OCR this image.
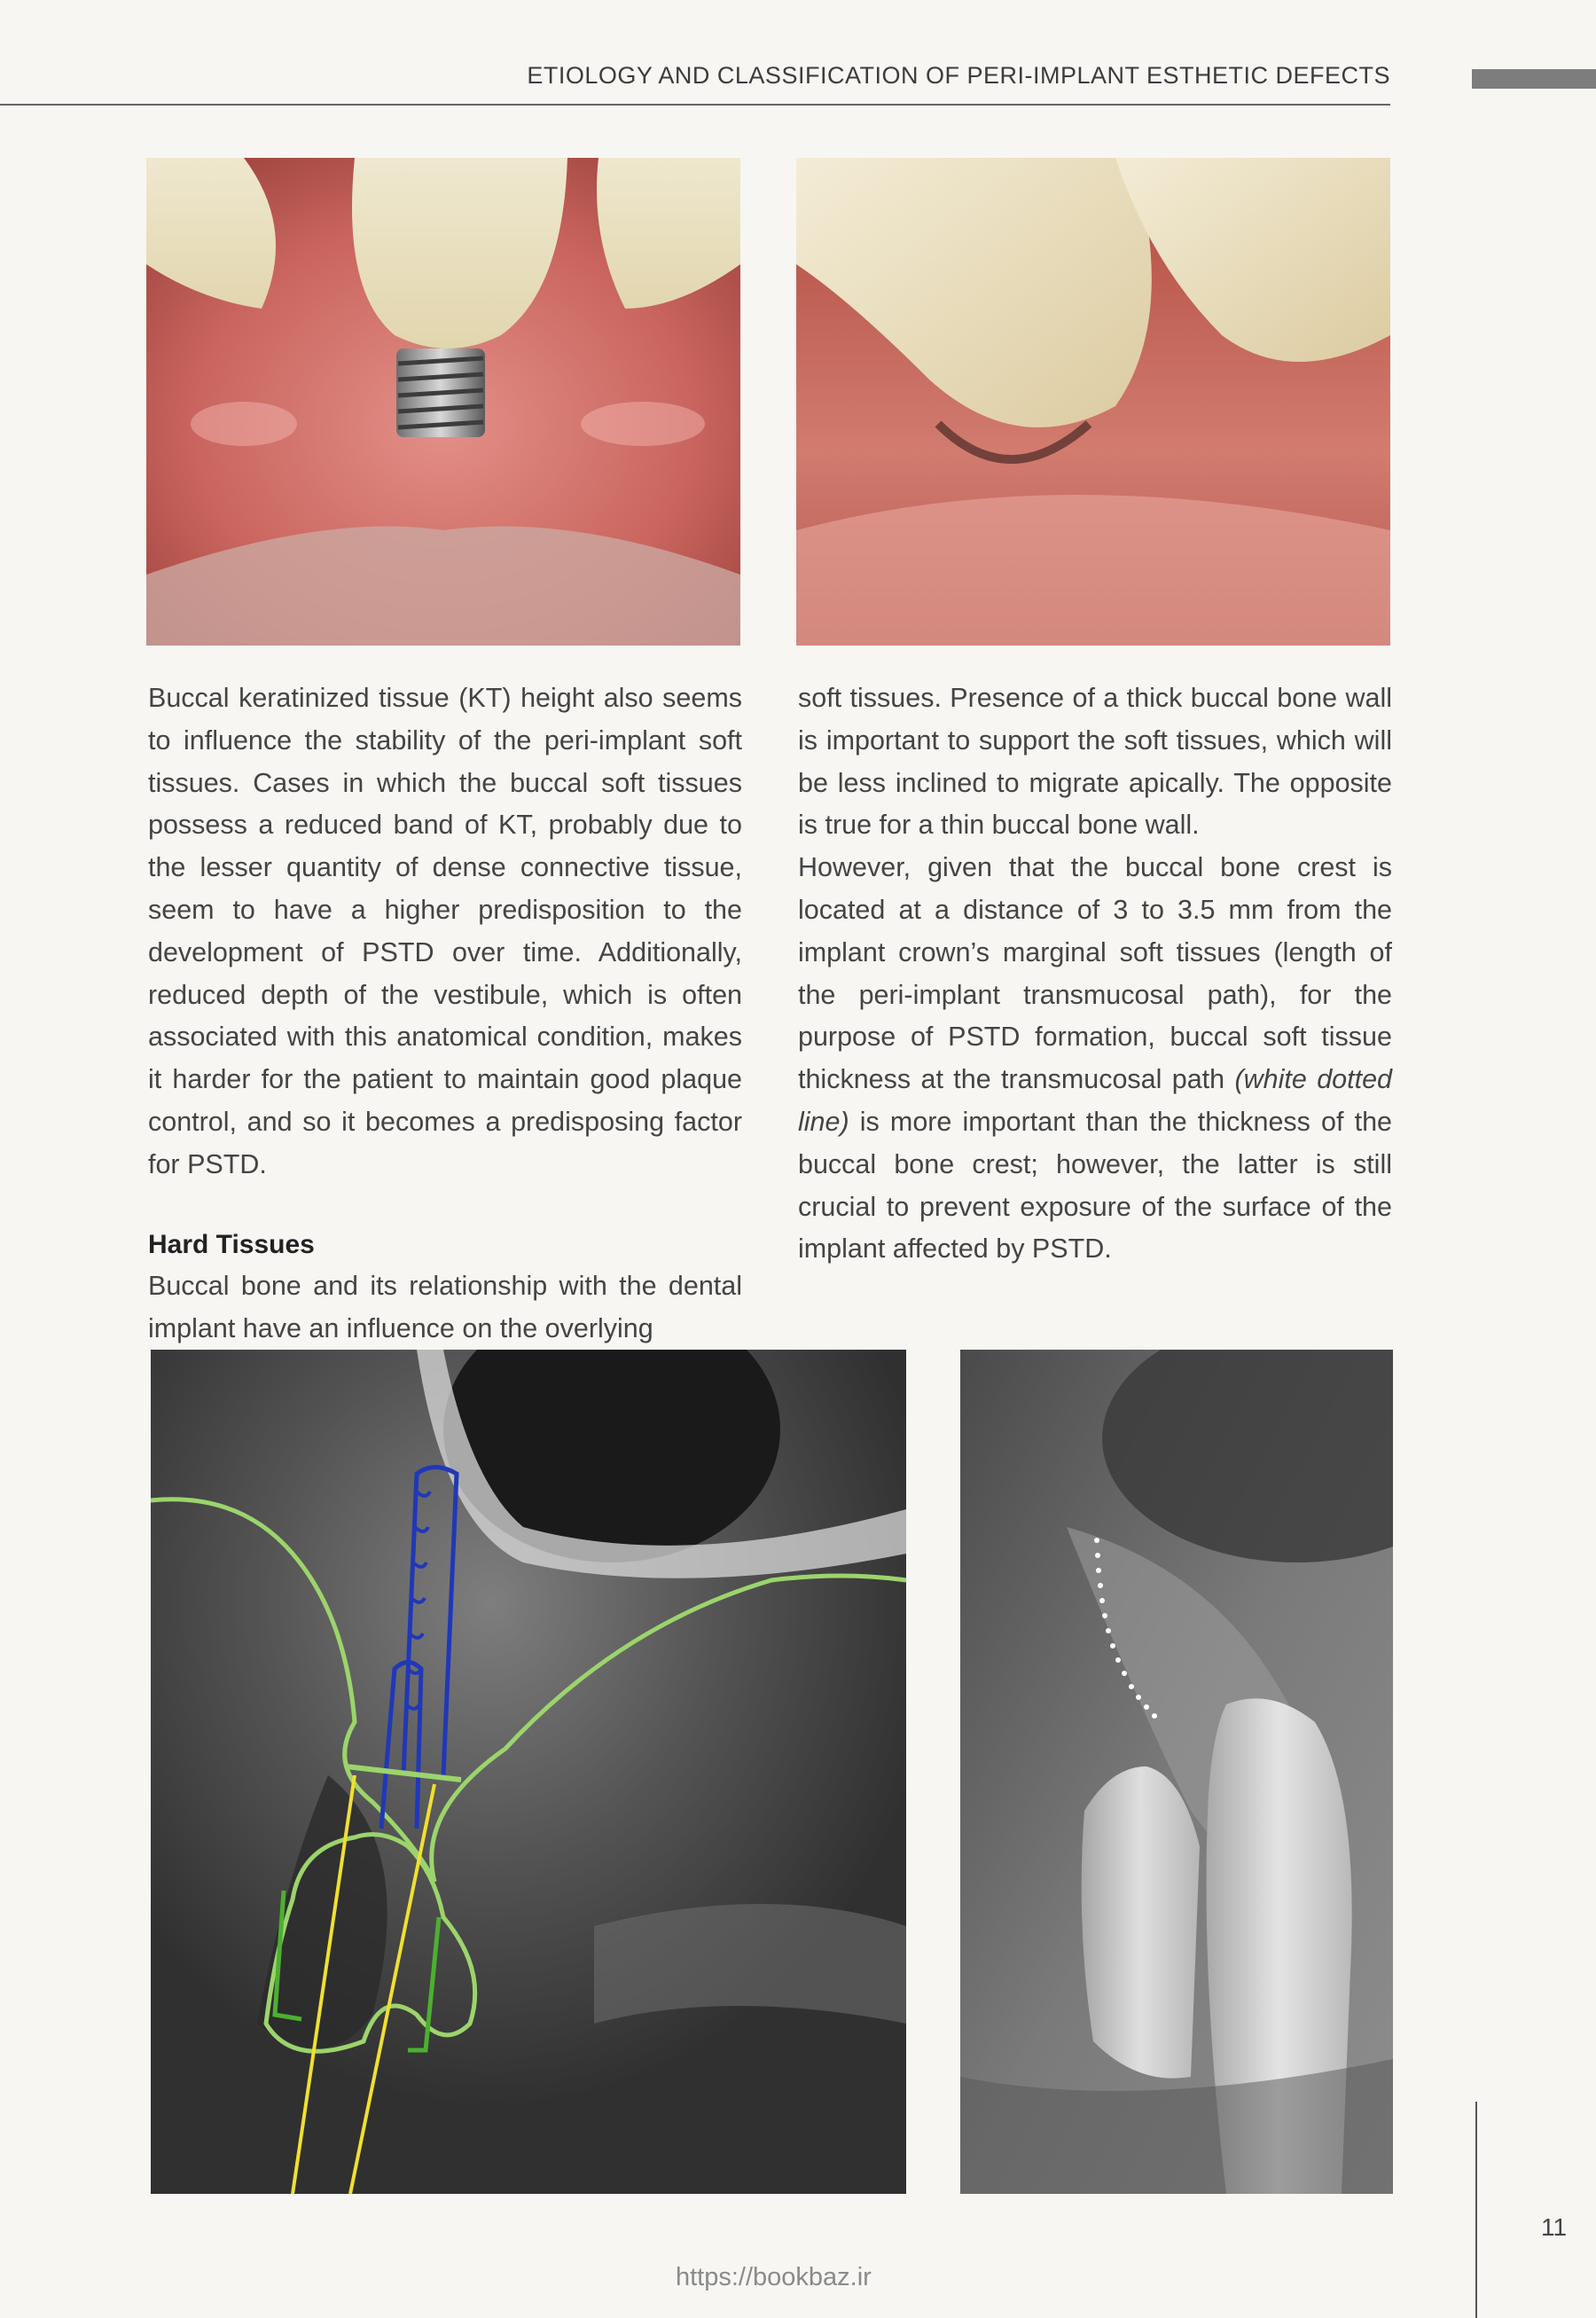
ETIOLOGY AND CLASSIFICATION OF PERI-IMPLANT ESTHETIC DEFECTS

Buccal keratinized tissue (KT) height also seems to influence the stability of the peri-implant soft tissues. Cases in which the buccal soft tissues possess a reduced band of KT, probably due to the lesser quantity of dense connective tissue, seem to have a higher predisposition to the development of PSTD over time. Additionally, reduced depth of the vestibule, which is often associated with this anatomical condition, makes it harder for the patient to maintain good plaque control, and so it becomes a predisposing factor for PSTD.

Hard Tissues

Buccal bone and its relationship with the dental implant have an influence on the overlying

soft tissues. Presence of a thick buccal bone wall is important to support the soft tissues, which will be less inclined to migrate apically. The opposite is true for a thin buccal bone wall.

However, given that the buccal bone crest is located at a distance of 3 to 3.5 mm from the implant crown’s marginal soft tissues (length of the peri-implant transmucosal path), for the purpose of PSTD formation, buccal soft tissue thickness at the transmucosal path (white dotted line) is more important than the thickness of the buccal bone crest; however, the latter is still crucial to prevent exposure of the surface of the implant affected by PSTD.

11
https://bookbaz.ir
